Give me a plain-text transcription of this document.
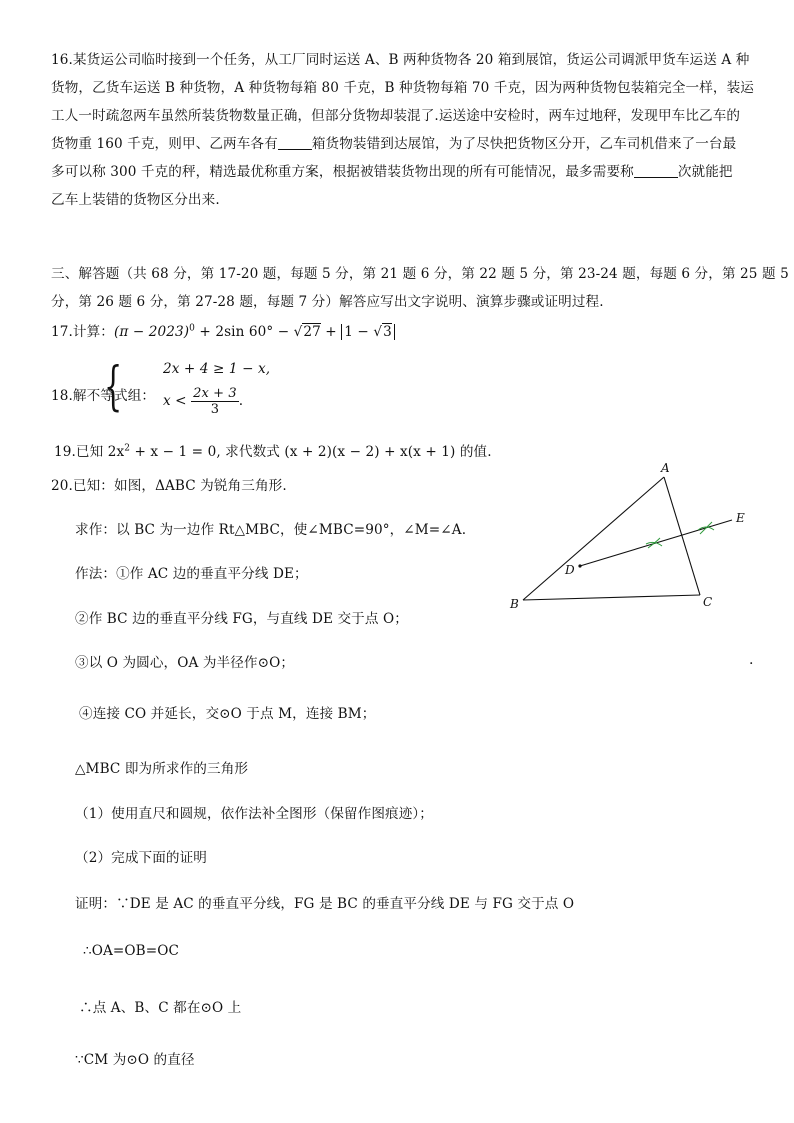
16.某货运公司临时接到一个任务，从工厂同时运送 A、B 两种货物各 20 箱到展馆，货运公司调派甲货车运送 A 种
货物，乙货车运送 B 种货物，A 种货物每箱 80 千克，B 种货物每箱 70 千克，因为两种货物包装箱完全一样，装运
工人一时疏忽两车虽然所装货物数量正确，但部分货物却装混了.运送途中安检时，两车过地秤，发现甲车比乙车的
货物重 160 千克，则甲、乙两车各有	箱货物装错到达展馆，为了尽快把货物区分开，乙车司机借来了一台最
多可以称 300 千克的秤，精选最优称重方案，根据被错装货物出现的所有可能情况，最多需要称	次就能把
乙车上装错的货物区分出来.
三、解答题（共 68 分，第 17-20 题，每题 5 分，第 21 题 6 分，第 22 题 5 分，第 23-24 题，每题 6 分，第 25 题 5
分，第 26 题 6 分，第 27-28 题，每题 7 分）解答应写出文字说明、演算步骤或证明过程.
17.计算：$(\pi - 2023)^0 + 2\sin$ 60° − √27 + 1 − √3
18.解不等式组：
{	2x + 4 ≥ 1 − x,
$x < \frac{2x + 3}{3}$ .
19.已知 $2x^2 + x - 1 = 0$, 求代数式 (x + 2)(x − 2) + x(x + 1) 的值.
20.已知：如图，ΔABC 为锐角三角形.
求作：以 BC 为一边作 Rt△MBC，使∠MBC=90°，∠M=∠A.
作法：①作 AC 边的垂直平分线 DE；
②作 BC 边的垂直平分线 FG，与直线 DE 交于点 O；
③以 O 为圆心，OA 为半径作⊙O；
④连接 CO 并延长，交⊙O 于点 M，连接 BM；
△MBC 即为所求作的三角形
（1）使用直尺和圆规，依作法补全图形（保留作图痕迹）；
（2）完成下面的证明
证明：∵DE 是 AC 的垂直平分线，FG 是 BC 的垂直平分线 DE 与 FG 交于点 O
∴OA=OB=OC
∴点 A、B、C 都在⊙O 上
∵CM 为⊙O 的直径
A
B	C
D
E
.
